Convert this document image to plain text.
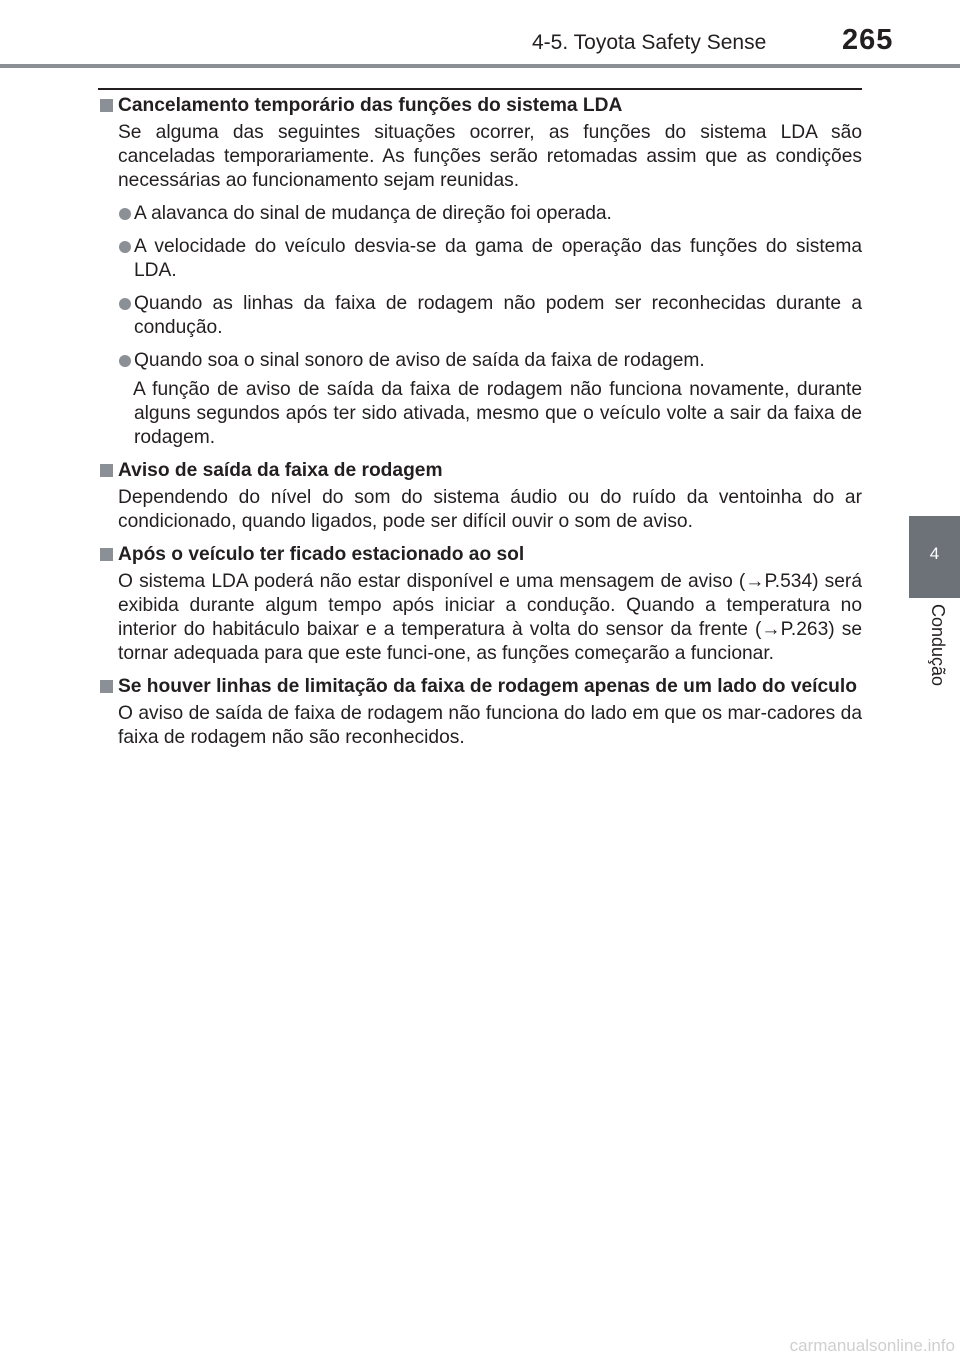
4-5. Toyota Safety Sense	265
4
Condução
Cancelamento temporário das funções do sistema LDA
Se alguma das seguintes situações ocorrer, as funções do sistema LDA são canceladas temporariamente. As funções serão retomadas assim que as condições necessárias ao funcionamento sejam reunidas.
A alavanca do sinal de mudança de direção foi operada.
A velocidade do veículo desvia-se da gama de operação das funções do sistema LDA.
Quando as linhas da faixa de rodagem não podem ser reconhecidas durante a condução.
Quando soa o sinal sonoro de aviso de saída da faixa de rodagem.
A função de aviso de saída da faixa de rodagem não funciona novamente, durante alguns segundos após ter sido ativada, mesmo que o veículo volte a sair da faixa de rodagem.
Aviso de saída da faixa de rodagem
Dependendo do nível do som do sistema áudio ou do ruído da ventoinha do ar condicionado, quando ligados, pode ser difícil ouvir o som de aviso.
Após o veículo ter ficado estacionado ao sol
O sistema LDA poderá não estar disponível e uma mensagem de aviso (→P.534) será exibida durante algum tempo após iniciar a condução. Quando a temperatura no interior do habitáculo baixar e a temperatura à volta do sensor da frente (→P.263) se tornar adequada para que este funci-one, as funções começarão a funcionar.
Se houver linhas de limitação da faixa de rodagem apenas de um lado do veículo
O aviso de saída de faixa de rodagem não funciona do lado em que os mar-cadores da faixa de rodagem não são reconhecidos.
carmanualsonline.info
